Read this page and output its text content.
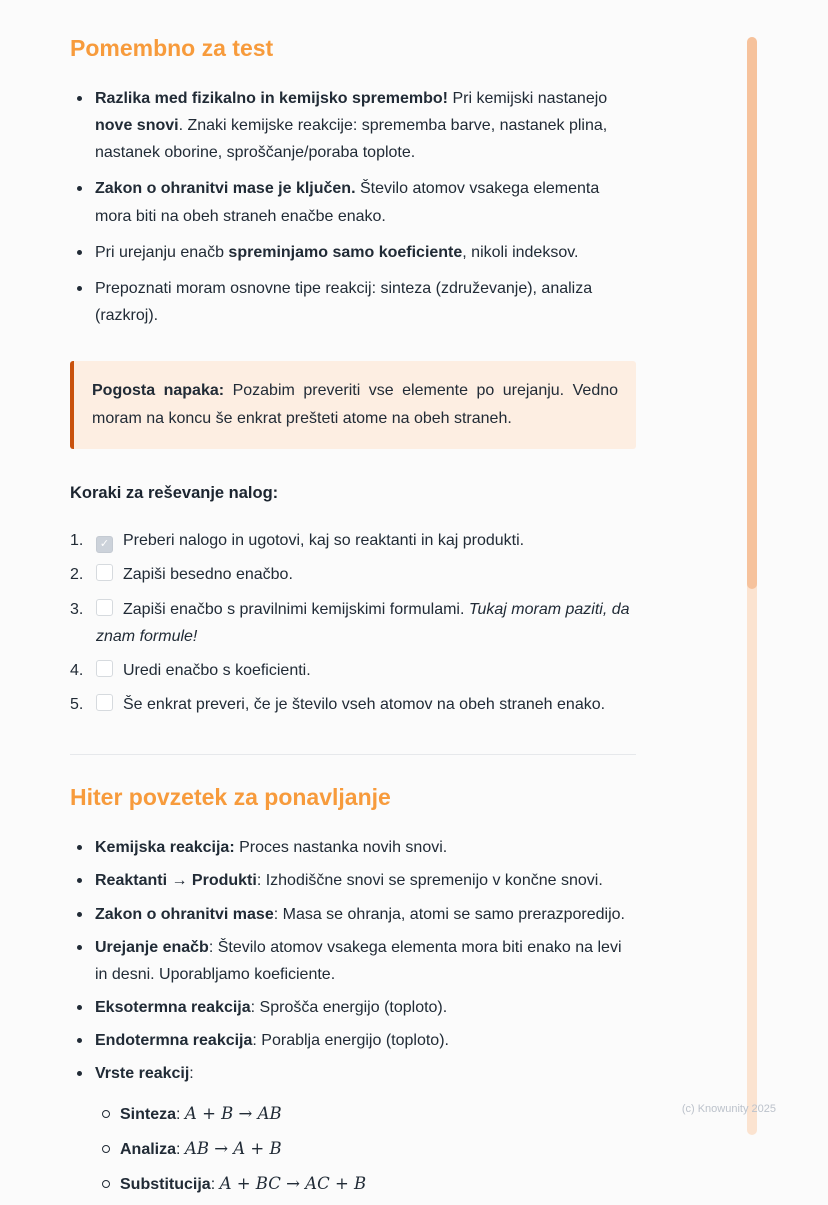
Pomembno za test
Razlika med fizikalno in kemijsko spremembo! Pri kemijski nastanejo nove snovi. Znaki kemijske reakcije: sprememba barve, nastanek plina, nastanek oborine, sproščanje/poraba toplote.
Zakon o ohranitvi mase je ključen. Število atomov vsakega elementa mora biti na obeh straneh enačbe enako.
Pri urejanju enačb spreminjamo samo koeficiente, nikoli indeksov.
Prepoznati moram osnovne tipe reakcij: sinteza (združevanje), analiza (razkroj).
Pogosta napaka: Pozabim preveriti vse elemente po urejanju. Vedno moram na koncu še enkrat prešteti atome na obeh straneh.

Koraki za reševanje nalog:

1. ✓ Preberi nalogo in ugotovi, kaj so reaktanti in kaj produkti.
2. Zapiši besedno enačbo.
3. Zapiši enačbo s pravilnimi kemijskimi formulami. Tukaj moram paziti, da znam formule!
4. Uredi enačbo s koeficienti.
5. Še enkrat preveri, če je število vseh atomov na obeh straneh enako.
Hiter povzetek za ponavljanje
Kemijska reakcija: Proces nastanka novih snovi.
Reaktanti → Produkti: Izhodiščne snovi se spremenijo v končne snovi.
Zakon o ohranitvi mase: Masa se ohranja, atomi se samo prerazporedijo.
Urejanje enačb: Število atomov vsakega elementa mora biti enako na levi in desni. Uporabljamo koeficiente.
Eksotermna reakcija: Sprošča energijo (toploto).
Endotermna reakcija: Porablja energijo (toploto).
Vrste reakcij:
Sinteza: A + B → AB
Analiza: AB → A + B
Substitucija: A + BC → AC + B
(c) Knowunity 2025
